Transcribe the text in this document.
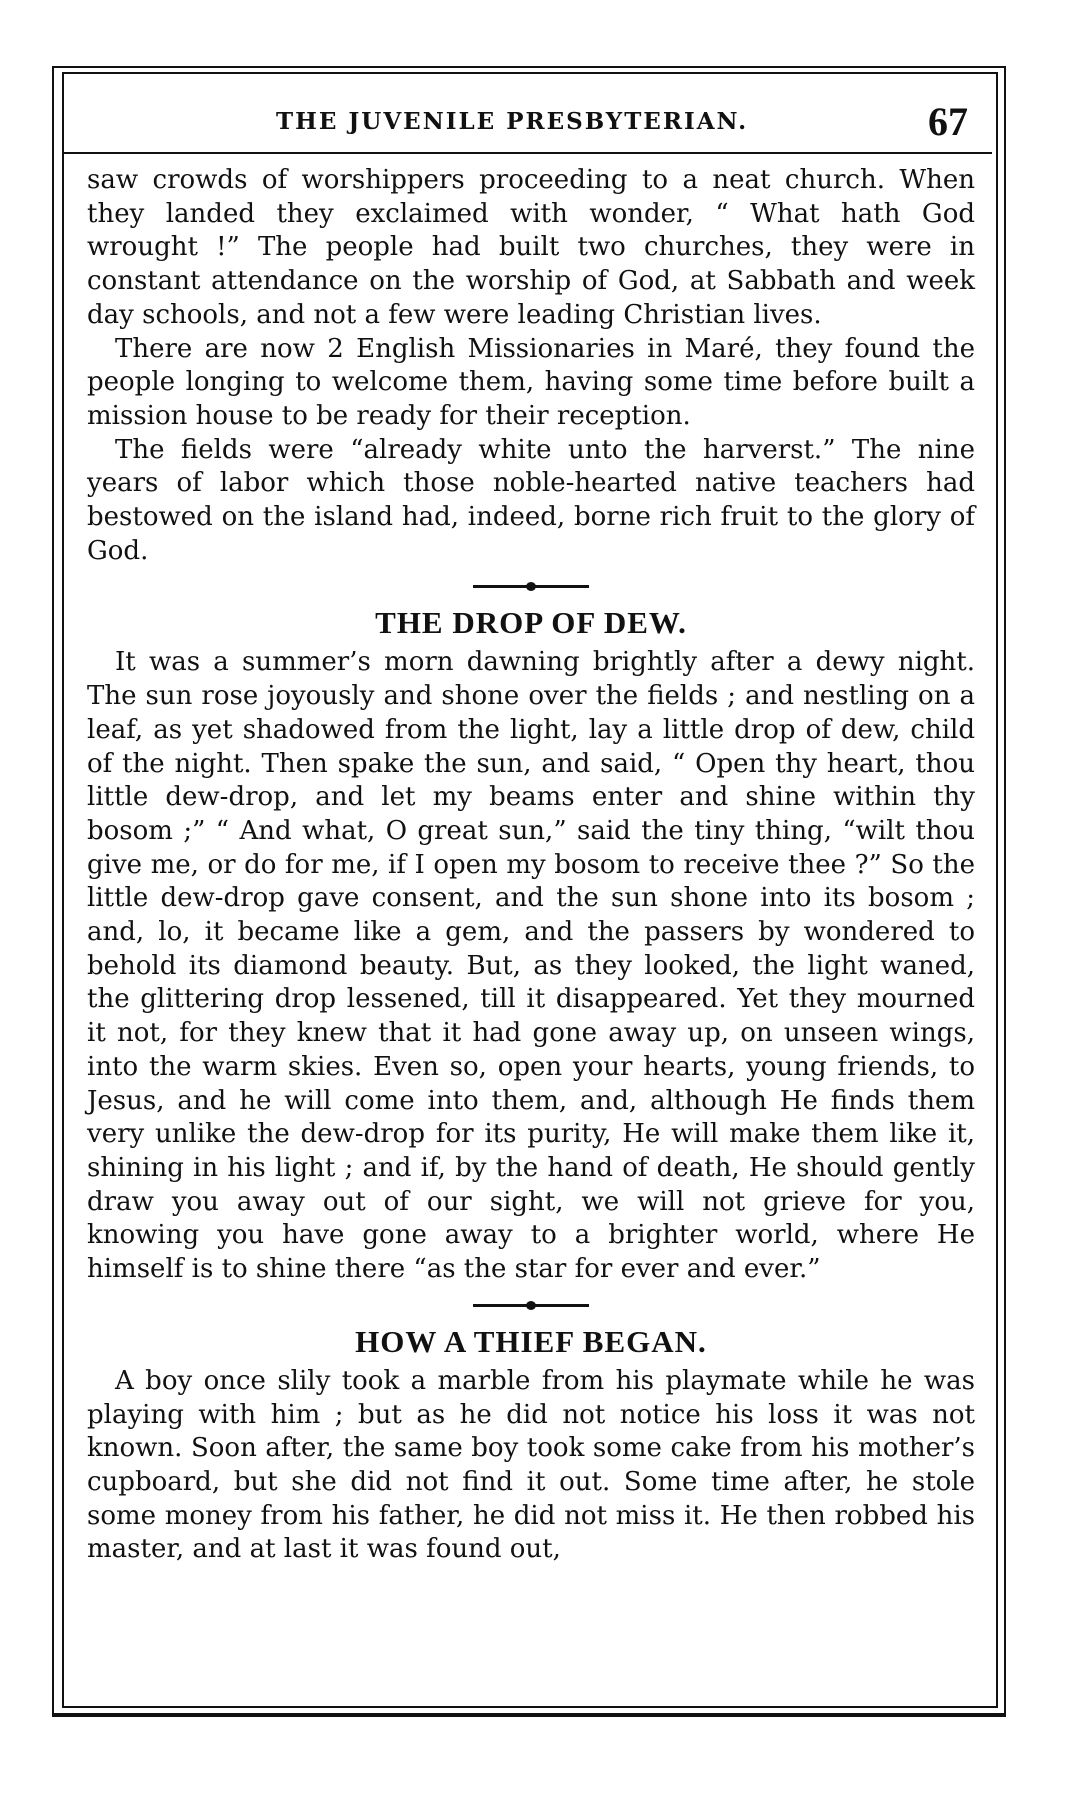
THE JUVENILE PRESBYTERIAN.	67

saw crowds of worshippers proceeding to a neat church. When they landed they exclaimed with wonder, “ What hath God wrought !” The people had built two churches, they were in constant attendance on the worship of God, at Sabbath and week day schools, and not a few were leading Christian lives.

There are now 2 English Missionaries in Maré, they found the people longing to welcome them, having some time before built a mission house to be ready for their reception.

The fields were “already white unto the harverst.” The nine years of labor which those noble-hearted native teachers had bestowed on the island had, indeed, borne rich fruit to the glory of God.

THE DROP OF DEW.

It was a summer’s morn dawning brightly after a dewy night. The sun rose joyously and shone over the fields ; and nestling on a leaf, as yet shadowed from the light, lay a little drop of dew, child of the night. Then spake the sun, and said, “ Open thy heart, thou little dew-drop, and let my beams enter and shine within thy bosom ;” “ And what, O great sun,” said the tiny thing, “wilt thou give me, or do for me, if I open my bosom to receive thee ?” So the little dew-drop gave consent, and the sun shone into its bosom ; and, lo, it became like a gem, and the passers by wondered to behold its diamond beauty. But, as they looked, the light waned, the glittering drop lessened, till it disappeared. Yet they mourned it not, for they knew that it had gone away up, on unseen wings, into the warm skies. Even so, open your hearts, young friends, to Jesus, and he will come into them, and, although He finds them very unlike the dew-drop for its purity, He will make them like it, shining in his light ; and if, by the hand of death, He should gently draw you away out of our sight, we will not grieve for you, knowing you have gone away to a brighter world, where He himself is to shine there “as the star for ever and ever.”

HOW A THIEF BEGAN.

A boy once slily took a marble from his playmate while he was playing with him ; but as he did not notice his loss it was not known. Soon after, the same boy took some cake from his mother’s cupboard, but she did not find it out. Some time after, he stole some money from his father, he did not miss it. He then robbed his master, and at last it was found out,
